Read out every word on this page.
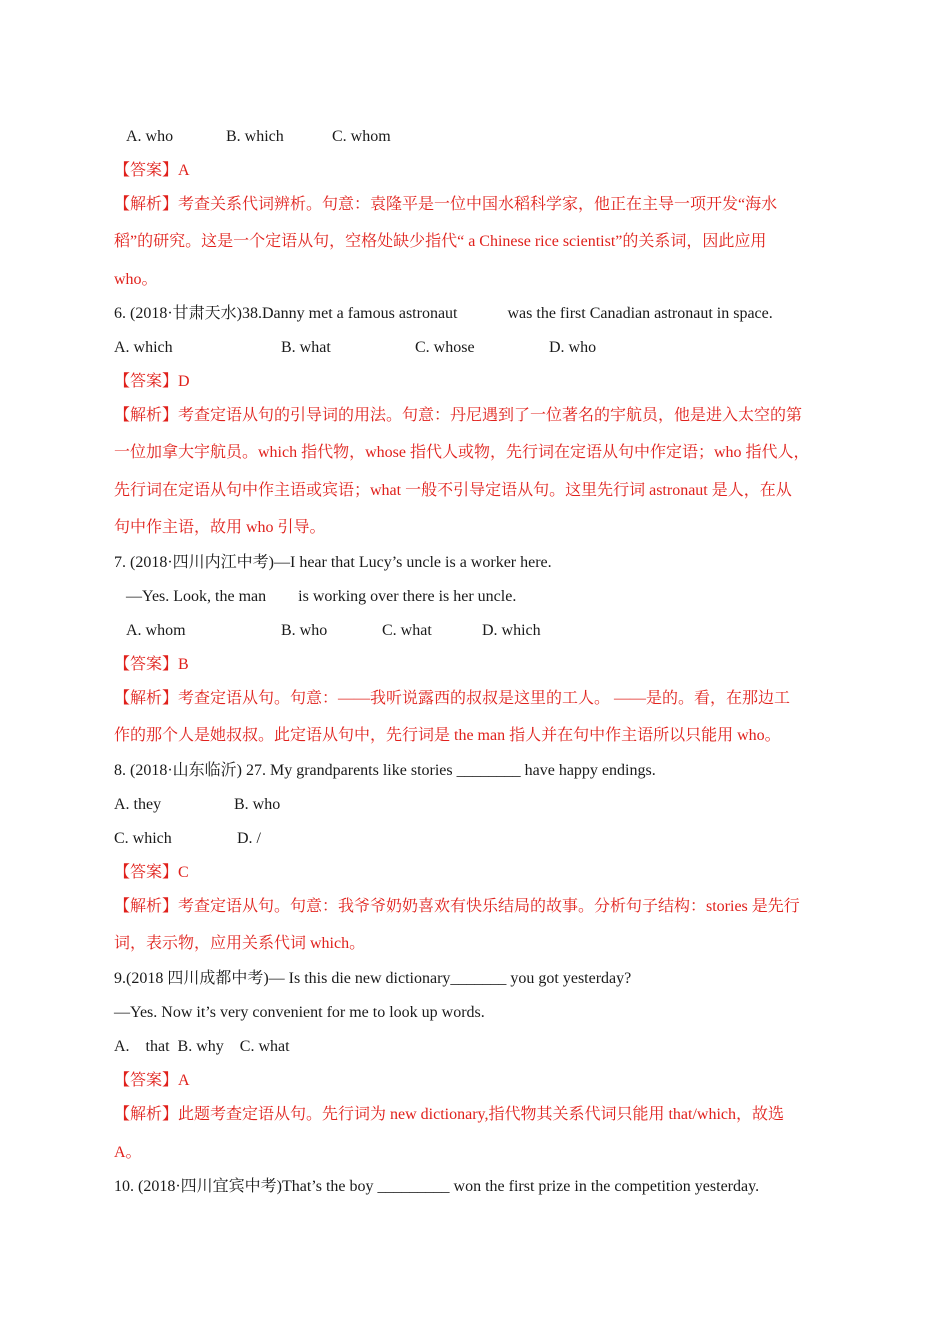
A. who	B. which	C. whom
【答案】A
【解析】考查关系代词辨析。句意：袁隆平是一位中国水稻科学家，他正在主导一项开发“海水
稻”的研究。这是一个定语从句，空格处缺少指代“ a Chinese rice scientist”的关系词，因此应用
who。
6. (2018·甘肃天水)38.Danny met a famous astronaut	was the first Canadian astronaut in space.
A. which	B. what	C. whose	D. who
【答案】D
【解析】考查定语从句的引导词的用法。句意：丹尼遇到了一位著名的宇航员，他是进入太空的第
一位加拿大宇航员。which 指代物，whose 指代人或物，先行词在定语从句中作定语；who 指代人，
先行词在定语从句中作主语或宾语；what 一般不引导定语从句。这里先行词 astronaut 是人，在从
句中作主语，故用 who 引导。
7. (2018·四川内江中考)—I hear that Lucy’s uncle is a worker here.
—Yes. Look, the man is working over there is her uncle.
A. whom	B. who	C. what	D. which
【答案】B
【解析】考查定语从句。句意：——我听说露西的叔叔是这里的工人。 ——是的。看，在那边工
作的那个人是她叔叔。此定语从句中，先行词是 the man 指人并在句中作主语所以只能用 who。
8. (2018·山东临沂) 27. My grandparents like stories ________ have happy endings.
A. they	B. who
C. which	D. /
【答案】C
【解析】考查定语从句。句意：我爷爷奶奶喜欢有快乐结局的故事。分析句子结构：stories 是先行
词，表示物，应用关系代词 which。
9.(2018 四川成都中考)— Is this die new dictionary_______ you got yesterday?
—Yes. Now it’s very convenient for me to look up words.
A.    that  B. why    C. what
【答案】A
【解析】此题考查定语从句。先行词为 new dictionary,指代物其关系代词只能用 that/which，故选
A。
10. (2018·四川宜宾中考)That’s the boy _________ won the first prize in the competition yesterday.
